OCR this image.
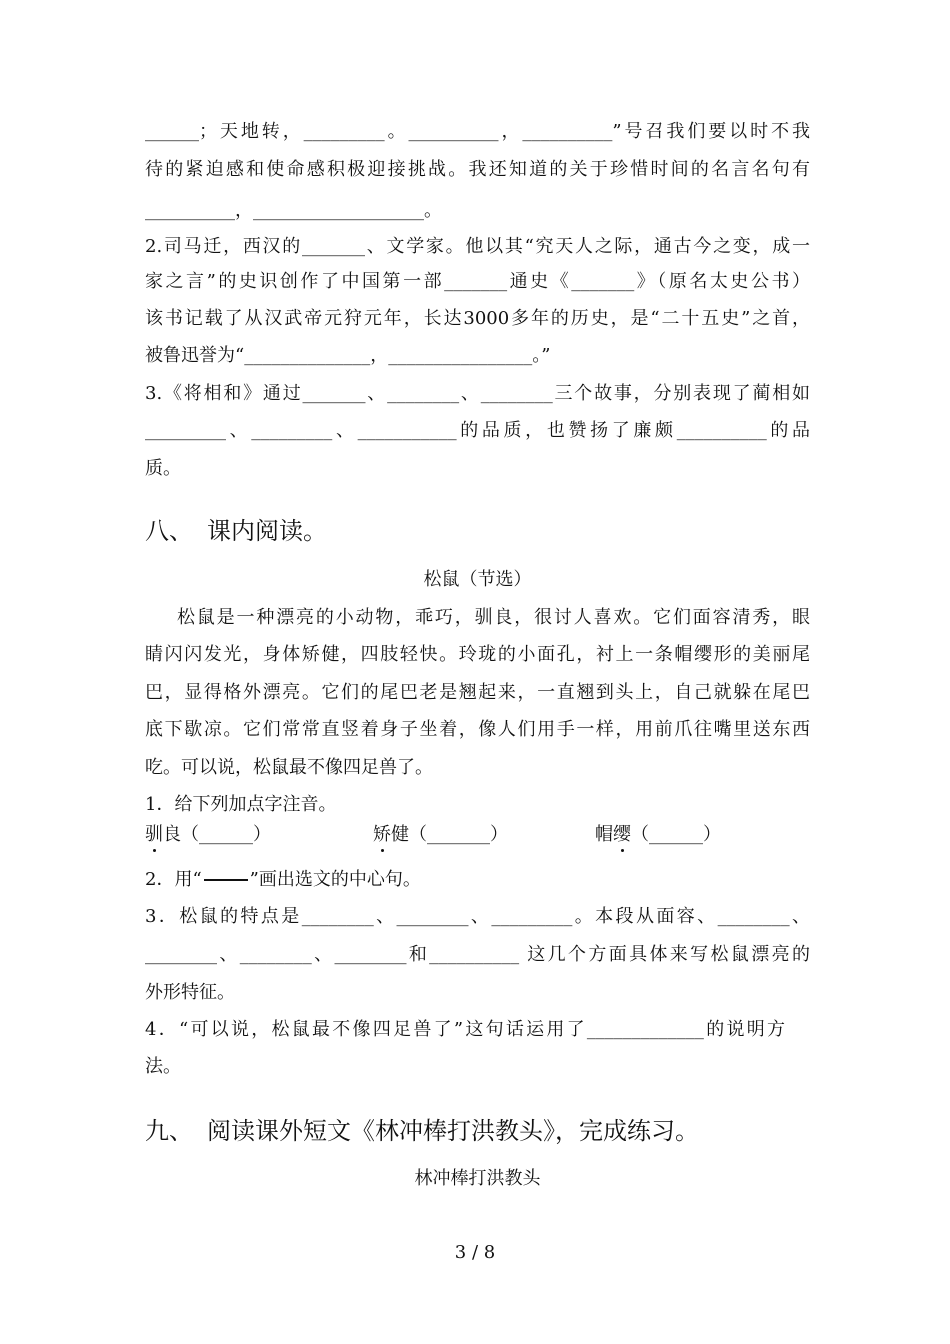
______；天地转，_________。__________，__________”号召我们要以时不我
待的紧迫感和使命感积极迎接挑战。我还知道的关于珍惜时间的名言名句有
__________，___________________。
2.司马迁，西汉的_______、文学家。他以其“究天人之际，通古今之变，成一
家之言”的史识创作了中国第一部_______通史《_______》（原名太史公书）
该书记载了从汉武帝元狩元年，长达3000多年的历史，是“二十五史”之首，
被鲁迅誉为“______________，________________。”
3.《将相和》通过_______、________、________三个故事，分别表现了蔺相如
_________、_________、___________的品质，也赞扬了廉颇__________的品
质。
八、 课内阅读。
松鼠（节选）
松鼠是一种漂亮的小动物，乖巧，驯良，很讨人喜欢。它们面容清秀，眼
睛闪闪发光，身体矫健，四肢轻快。玲珑的小面孔，衬上一条帽缨形的美丽尾
巴，显得格外漂亮。它们的尾巴老是翘起来，一直翘到头上，自己就躲在尾巴
底下歇凉。它们常常直竖着身子坐着，像人们用手一样，用前爪往嘴里送东西
吃。可以说，松鼠最不像四足兽了。
1．给下列加点字注音。
驯良（______）	矫健（_______）	帽缨（______）
2．用“	”画出选文的中心句。
3．松鼠的特点是________、________、_________。本段从面容、________、
________、________、________和__________ 这几个方面具体来写松鼠漂亮的
外形特征。
4．“可以说，松鼠最不像四足兽了”这句话运用了_____________的说明方
法。
九、 阅读课外短文《林冲棒打洪教头》，完成练习。
林冲棒打洪教头
3 / 8
